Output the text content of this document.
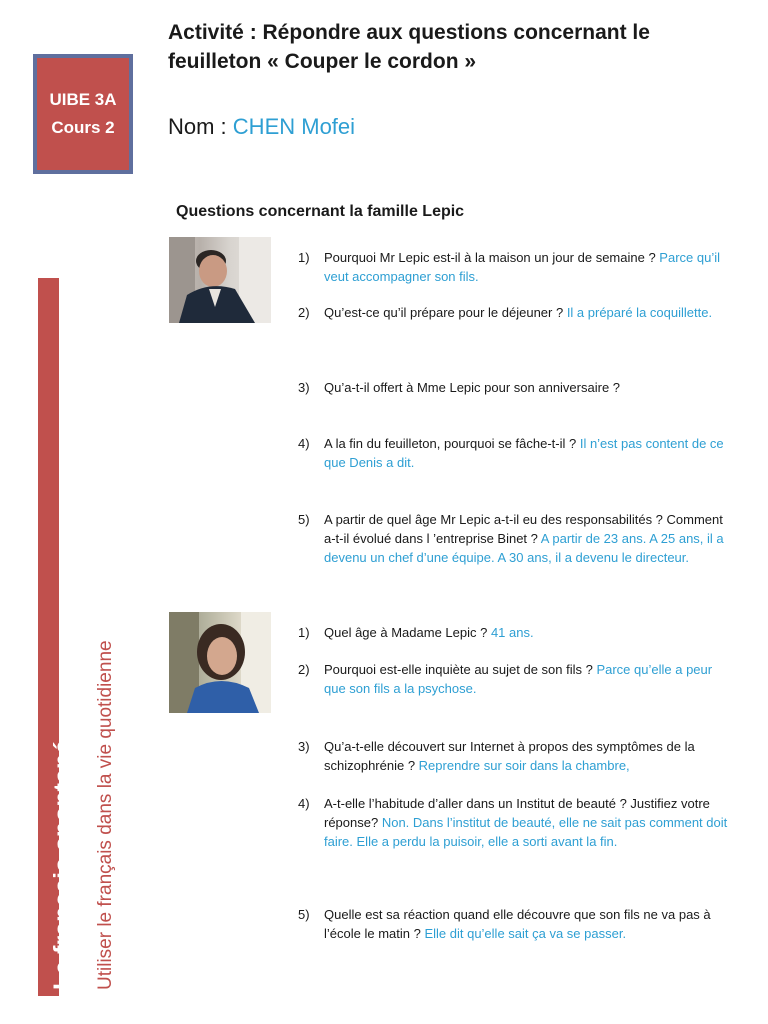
Activité : Répondre aux questions concernant le
feuilleton « Couper le cordon »
UIBE 3A
Cours 2 Nom : CHEN Mofei
Questions concernant la famille Lepic
Le français spontané Utiliser le français dans la vie quotidienne
1) Pourquoi Mr Lepic est-il à la maison un jour de semaine ? Parce qu’il veut accompagner son fils.
2) Qu’est-ce qu’il prépare pour le déjeuner ? Il a préparé la coquillette.
3) Qu’a-t-il offert à Mme Lepic pour son anniversaire ?
4) A la fin du feuilleton, pourquoi se fâche-t-il ? Il n’est pas content de ce que Denis a dit.
5) A partir de quel âge Mr Lepic a-t-il eu des responsabilités ? Comment a-t-il évolué dans l ’entreprise Binet ? A partir de 23 ans. A 25 ans, il a devenu un chef d’une équipe. A 30 ans, il a devenu le directeur.
1) Quel âge à Madame Lepic ? 41 ans.
2) Pourquoi est-elle inquiète au sujet de son fils ? Parce qu’elle a peur que son fils a la psychose.
3) Qu’a-t-elle découvert sur Internet à propos des symptômes de la schizophrénie ? Reprendre sur soir dans la chambre,
4) A-t-elle l’habitude d’aller dans un Institut de beauté ? Justifiez votre réponse? Non. Dans l’institut de beauté, elle ne sait pas comment doit faire. Elle a perdu la puisoir, elle a sorti avant la fin.
5) Quelle est sa réaction quand elle découvre que son fils ne va pas à l’école le matin ? Elle dit qu’elle sait ça va se passer.
